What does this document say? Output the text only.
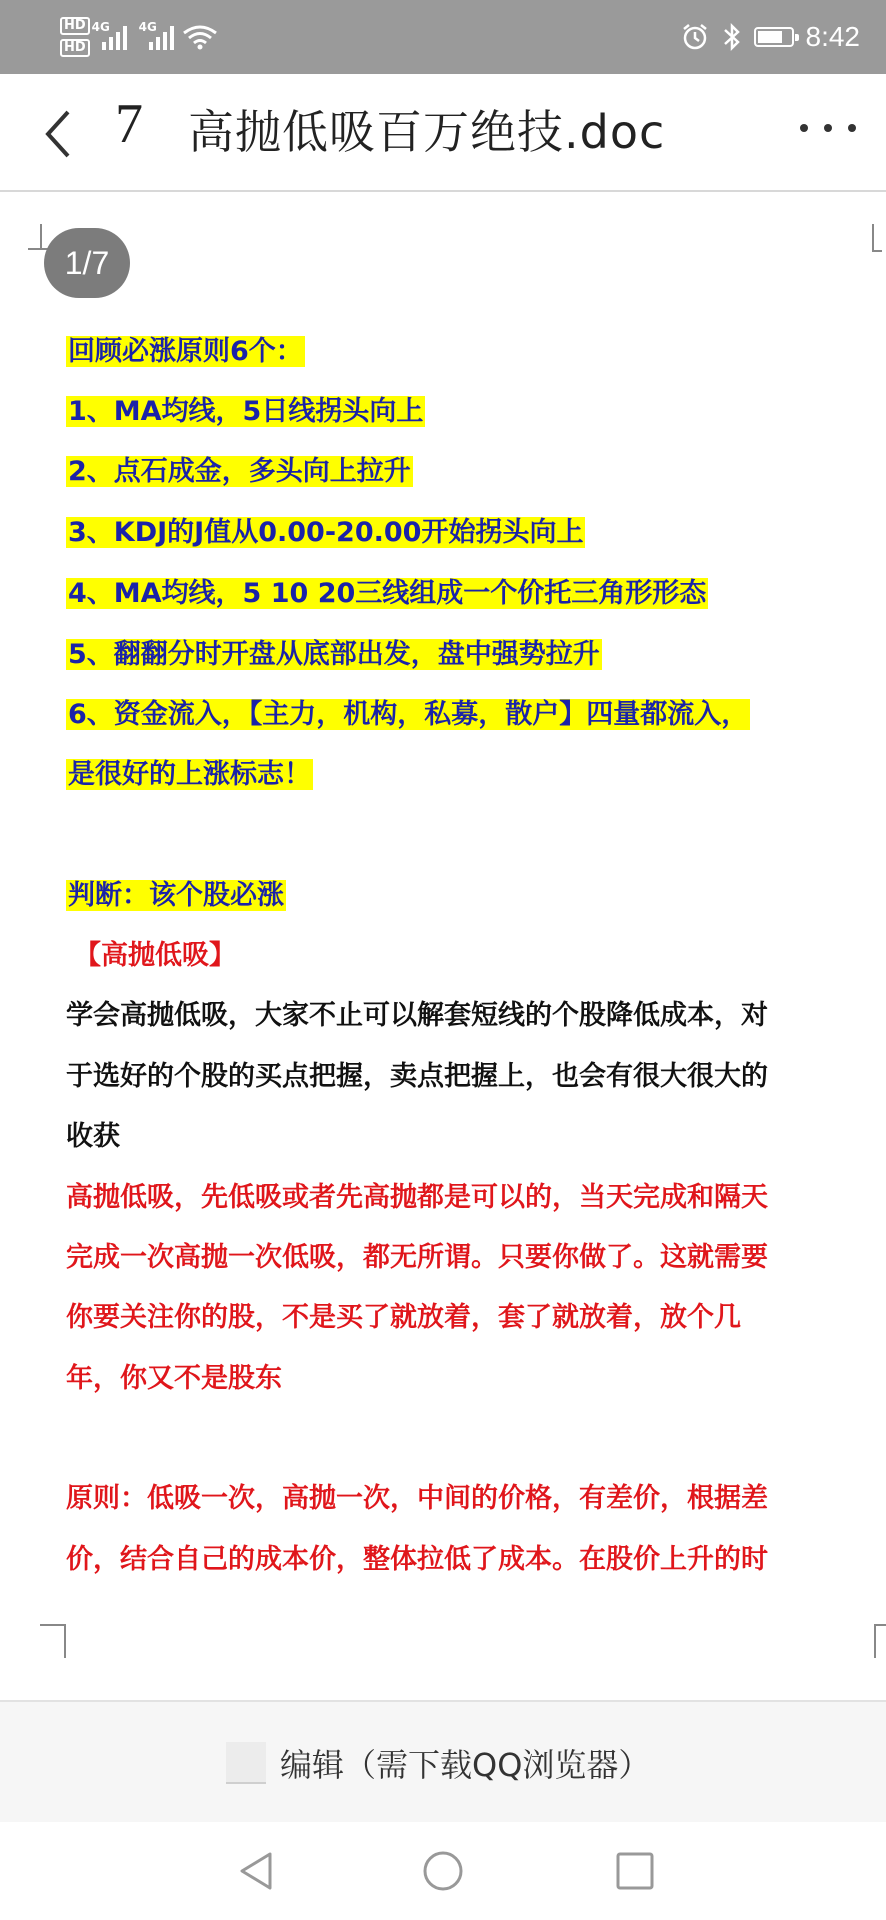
HD
HD
4G 4G	8:42
7 高抛低吸百万绝技.doc
1/7
回顾必涨原则6个：
1、MA均线，5日线拐头向上
2、点石成金，多头向上拉升
3、KDJ的J值从0.00-20.00开始拐头向上
4、MA均线，5 10 20三线组成一个价托三角形形态
5、翻翻分时开盘从底部出发，盘中强势拉升
6、资金流入，【主力，机构，私募，散户】四量都流入，
是很好的上涨标志！
判断：该个股必涨
【高抛低吸】
学会高抛低吸，大家不止可以解套短线的个股降低成本，对
于选好的个股的买点把握，卖点把握上，也会有很大很大的
收获
高抛低吸，先低吸或者先高抛都是可以的，当天完成和隔天
完成一次高抛一次低吸，都无所谓。只要你做了。这就需要
你要关注你的股，不是买了就放着，套了就放着，放个几
年，你又不是股东
原则：低吸一次，高抛一次，中间的价格，有差价，根据差
价，结合自己的成本价，整体拉低了成本。在股价上升的时
编辑（需下载QQ浏览器）
